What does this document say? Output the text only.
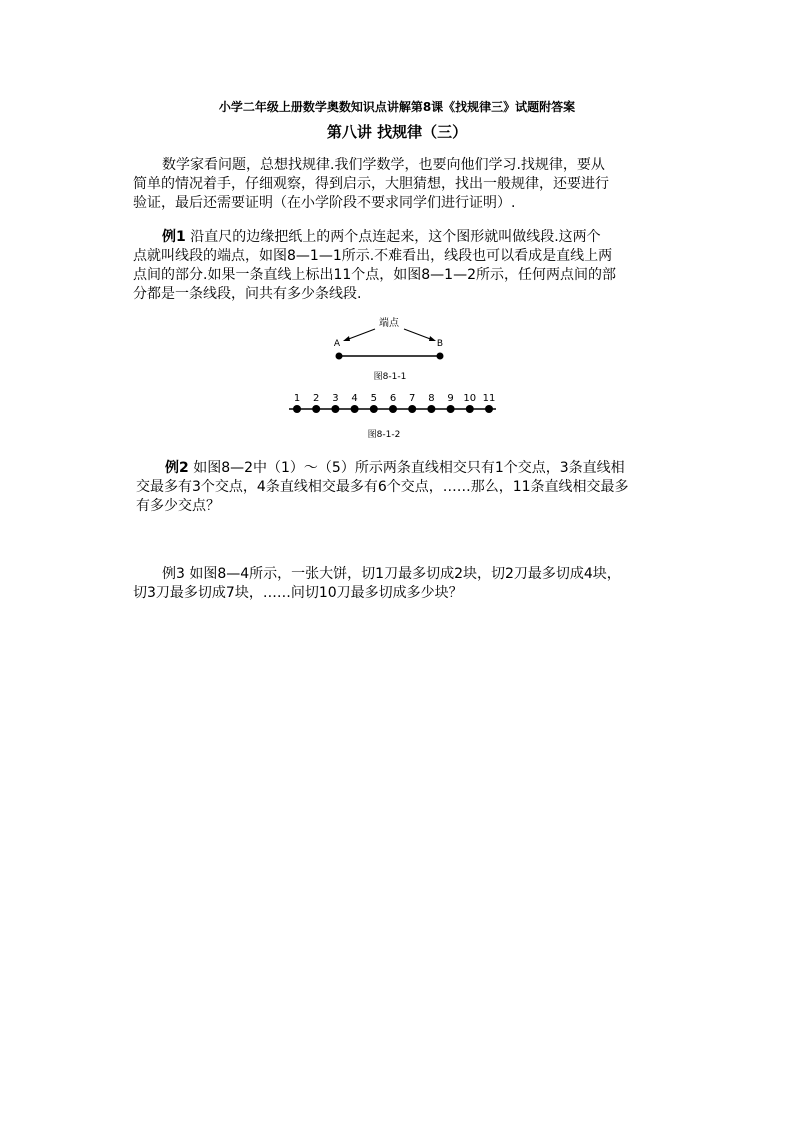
小学二年级上册数学奥数知识点讲解第8课《找规律三》试题附答案
第八讲 找规律（三）
数学家看问题，总想找规律.我们学数学，也要向他们学习.找规律，要从
简单的情况着手，仔细观察，得到启示，大胆猜想，找出一般规律，还要进行
验证，最后还需要证明（在小学阶段不要求同学们进行证明）.
例1 沿直尺的边缘把纸上的两个点连起来，这个图形就叫做线段.这两个
点就叫线段的端点，如图8—1—1所示.不难看出，线段也可以看成是直线上两
点间的部分.如果一条直线上标出11个点，如图8—1—2所示，任何两点间的部
分都是一条线段，问共有多少条线段.
端点
A	B
图8-1-1
图8-1-2
1 2 3 4 5 6 7 8 9 10 11
例2 如图8—2中（1）～（5）所示两条直线相交只有1个交点，3条直线相
交最多有3个交点，4条直线相交最多有6个交点，……那么，11条直线相交最多
有多少交点？
例3 如图8—4所示，一张大饼，切1刀最多切成2块，切2刀最多切成4块，
切3刀最多切成7块，……问切10刀最多切成多少块？
